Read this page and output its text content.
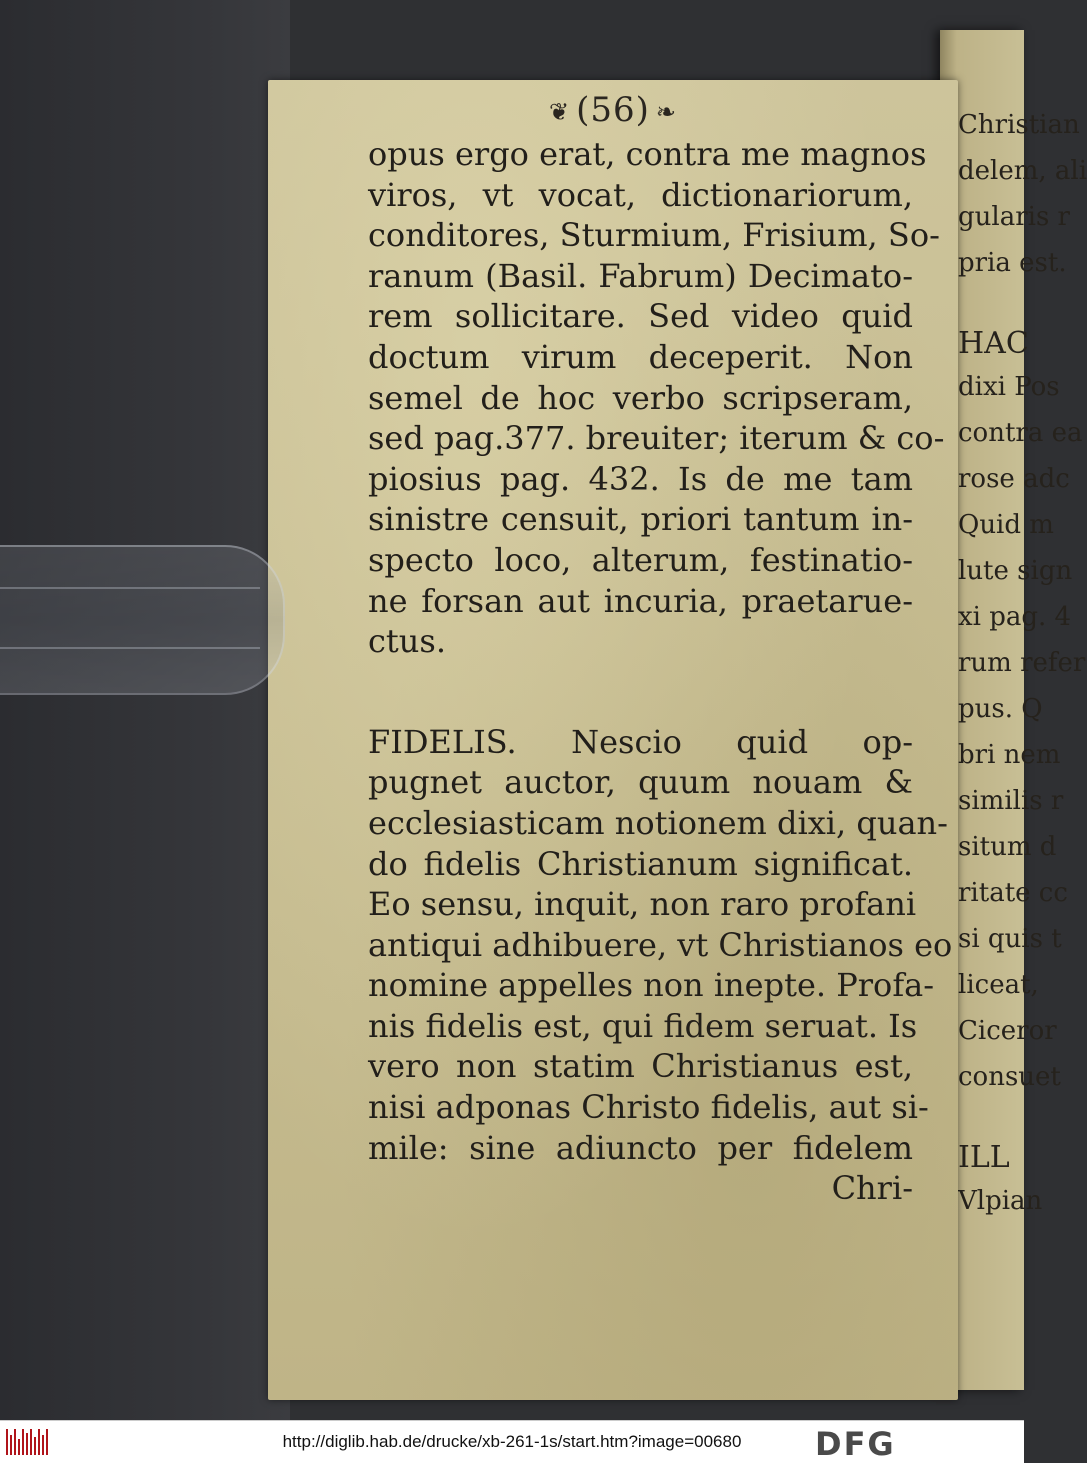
Christian
delem, ali
gularis r
pria est.
HAC
dixi Pos
contra ea
rose adc
Quid m
lute sign
xi pag. 4
rum refer
pus. Q
bri nem
similis r
situm d
ritate cc
si quis t
liceat,
Ciceror
consuet
ILL
Vlpian
❦ (56) ❧
opus ergo erat, contra me magnos
viros, vt vocat, dictionariorum,
conditores, Sturmium, Frisium, So-
ranum (Basil. Fabrum) Decimato-
rem sollicitare. Sed video quid
doctum virum deceperit. Non
semel de hoc verbo scripseram,
sed pag.377. breuiter; iterum & co-
piosius pag. 432. Is de me tam
sinistre censuit, priori tantum in-
specto loco, alterum, festinatio-
ne forsan aut incuria, praetarue-
ctus.
FIDELIS. Nescio quid op-
pugnet auctor, quum nouam &
ecclesiasticam notionem dixi, quan-
do fidelis Christianum significat.
Eo sensu, inquit, non raro profani
antiqui adhibuere, vt Christianos eo
nomine appelles non inepte. Profa-
nis fidelis est, qui fidem seruat. Is
vero non statim Christianus est,
nisi adponas Christo fidelis, aut si-
mile: sine adiuncto per fidelem
Chri-
http://diglib.hab.de/drucke/xb-261-1s/start.htm?image=00680	DFG
